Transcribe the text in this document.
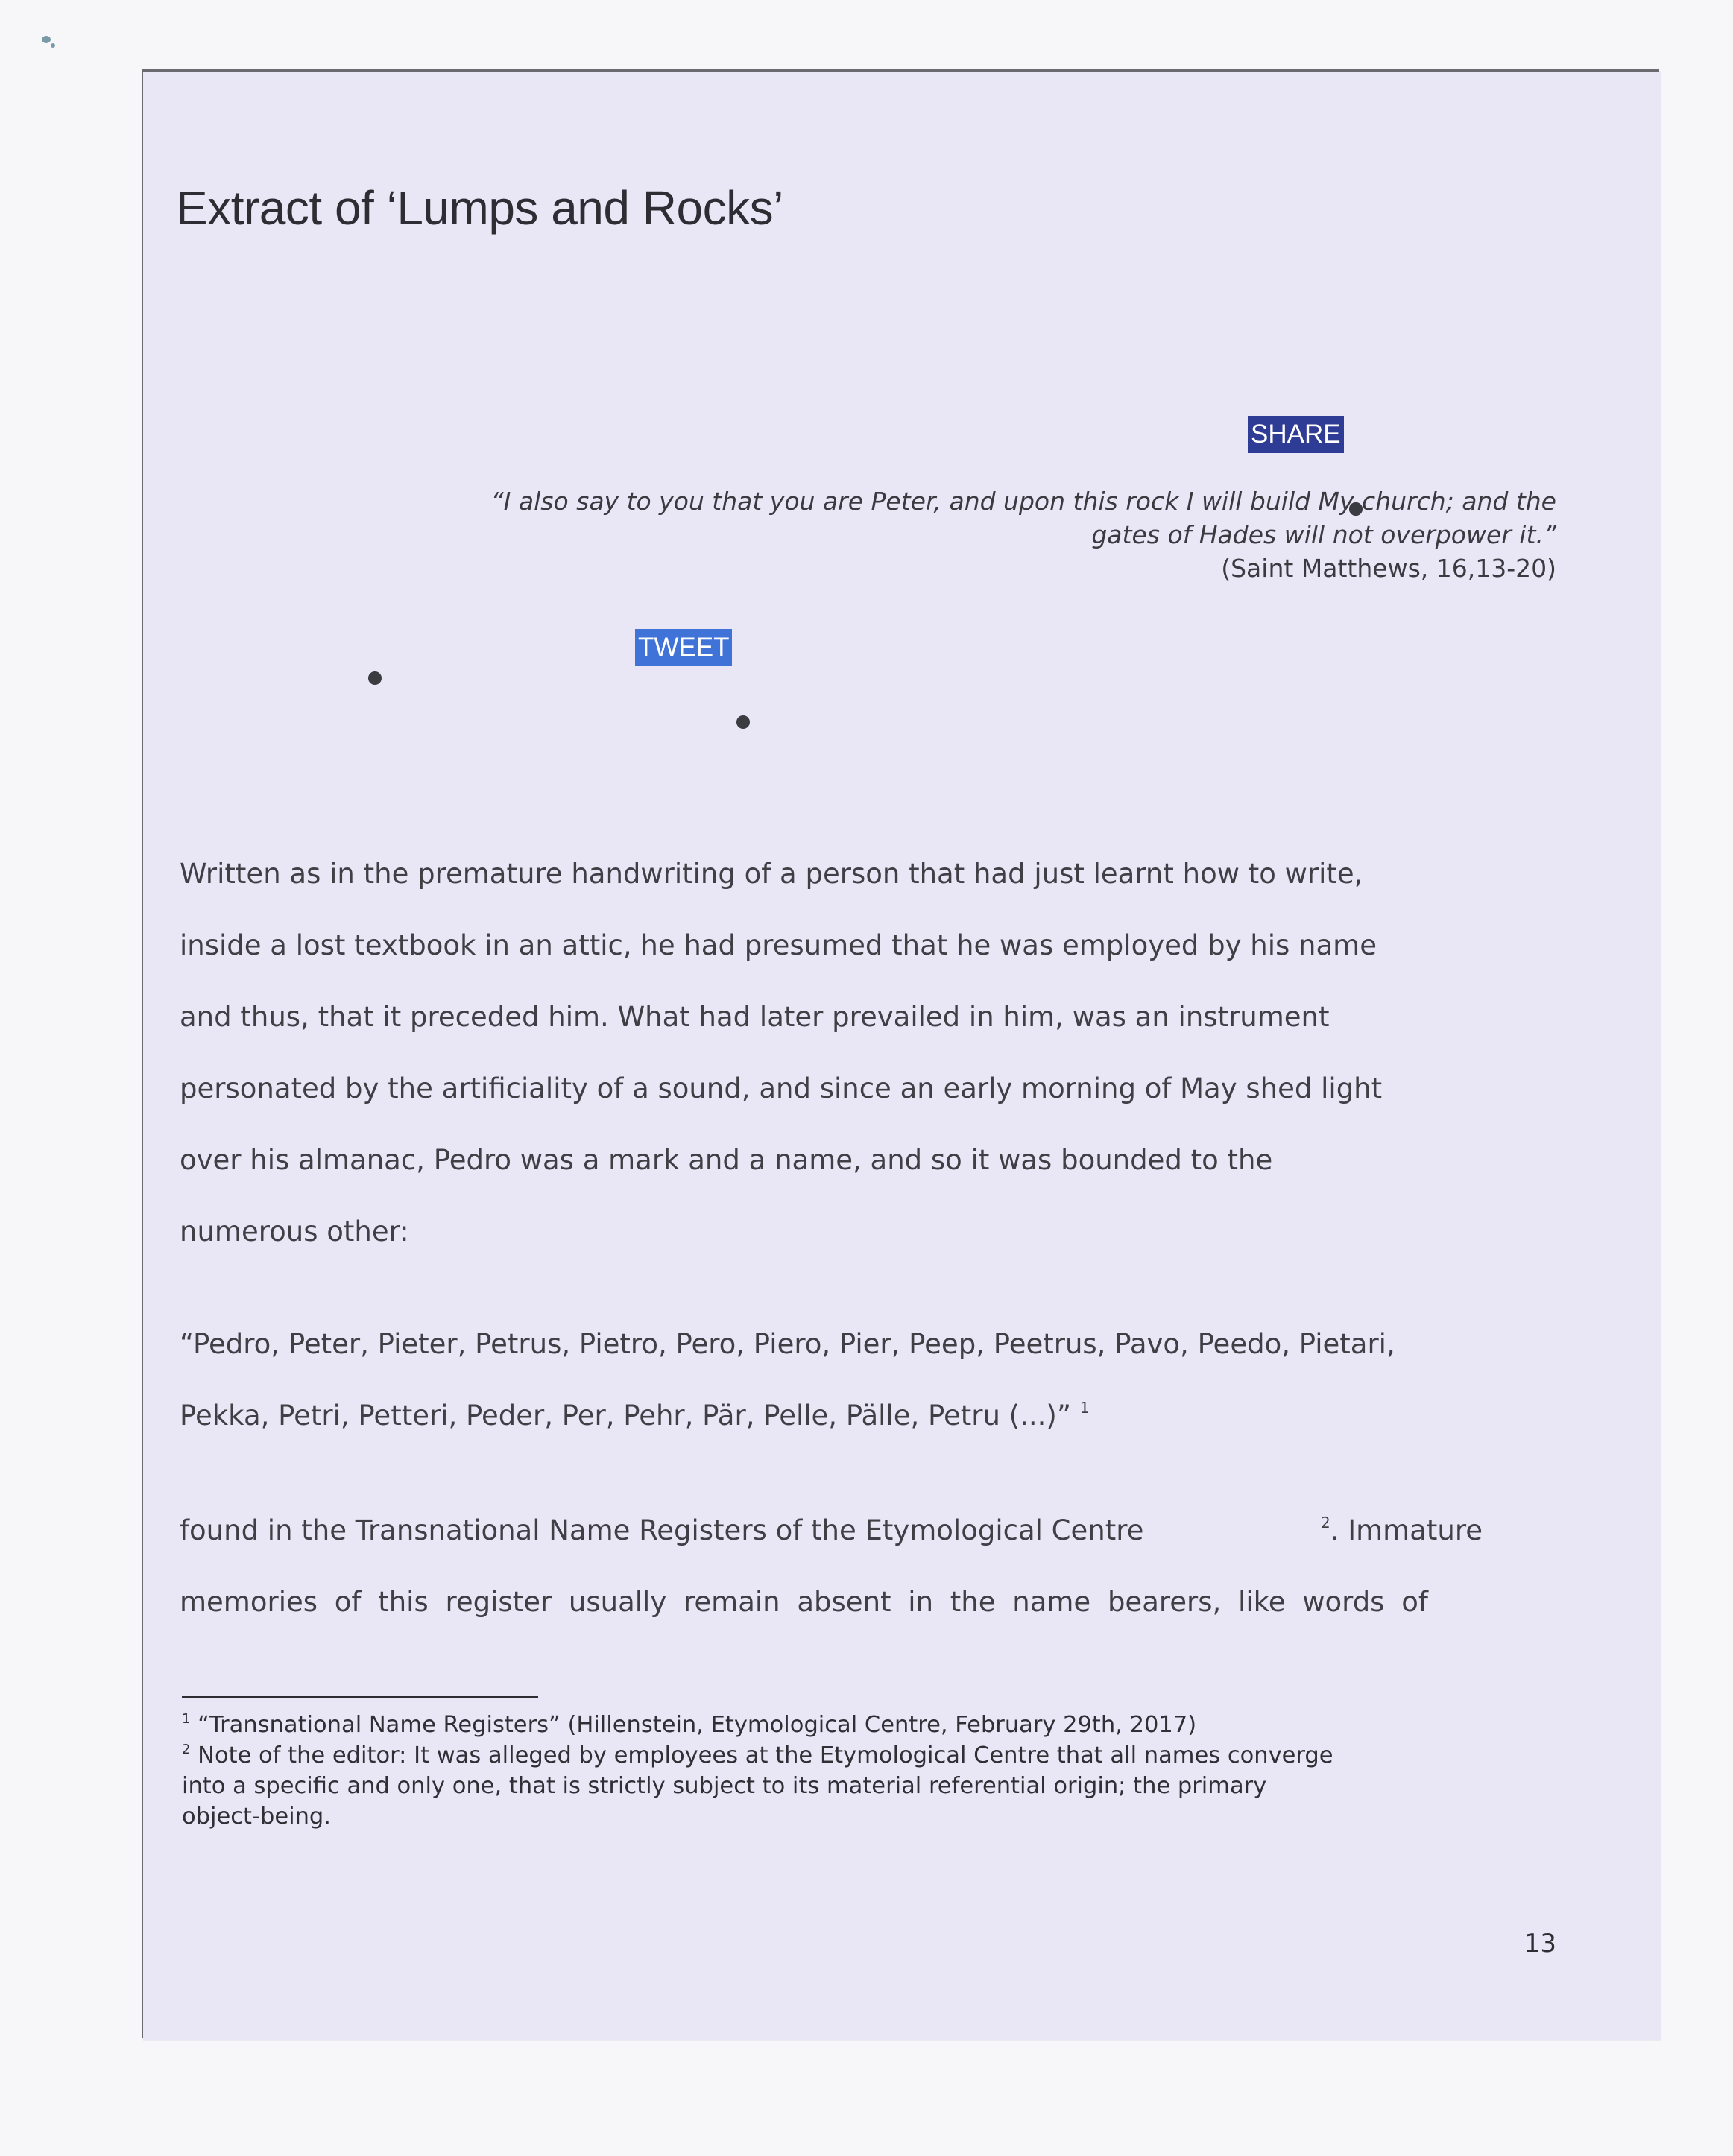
Extract of ‘Lumps and Rocks’
SHARE
“I also say to you that you are Peter, and upon this rock I will build My church; and the
gates of Hades will not overpower it.”
(Saint Matthews, 16,13-20)
TWEET
Written as in the premature handwriting of a person that had just learnt how to write,
inside a lost textbook in an attic, he had presumed that he was employed by his name
and thus, that it preceded him. What had later prevailed in him, was an instrument
personated by the artificiality of a sound, and since an early morning of May shed light
over his almanac, Pedro was a mark and a name, and so it was bounded to the
numerous other:
“Pedro, Peter, Pieter, Petrus, Pietro, Pero, Piero, Pier, Peep, Peetrus, Pavo, Peedo, Pietari,
Pekka, Petri, Petteri, Peder, Per, Pehr, Pär, Pelle, Pälle, Petru (...)” $^1$
found in the Transnational Name Registers of the Etymological Centre	$^2$. Immature
memories of this register usually remain absent in the name bearers, like words of
$^1$ “Transnational Name Registers” (Hillenstein, Etymological Centre, February 29th, 2017)
$^2$ Note of the editor: It was alleged by employees at the Etymological Centre that all names converge into a specific and only one, that is strictly subject to its material referential origin; the primary object-being.
13
